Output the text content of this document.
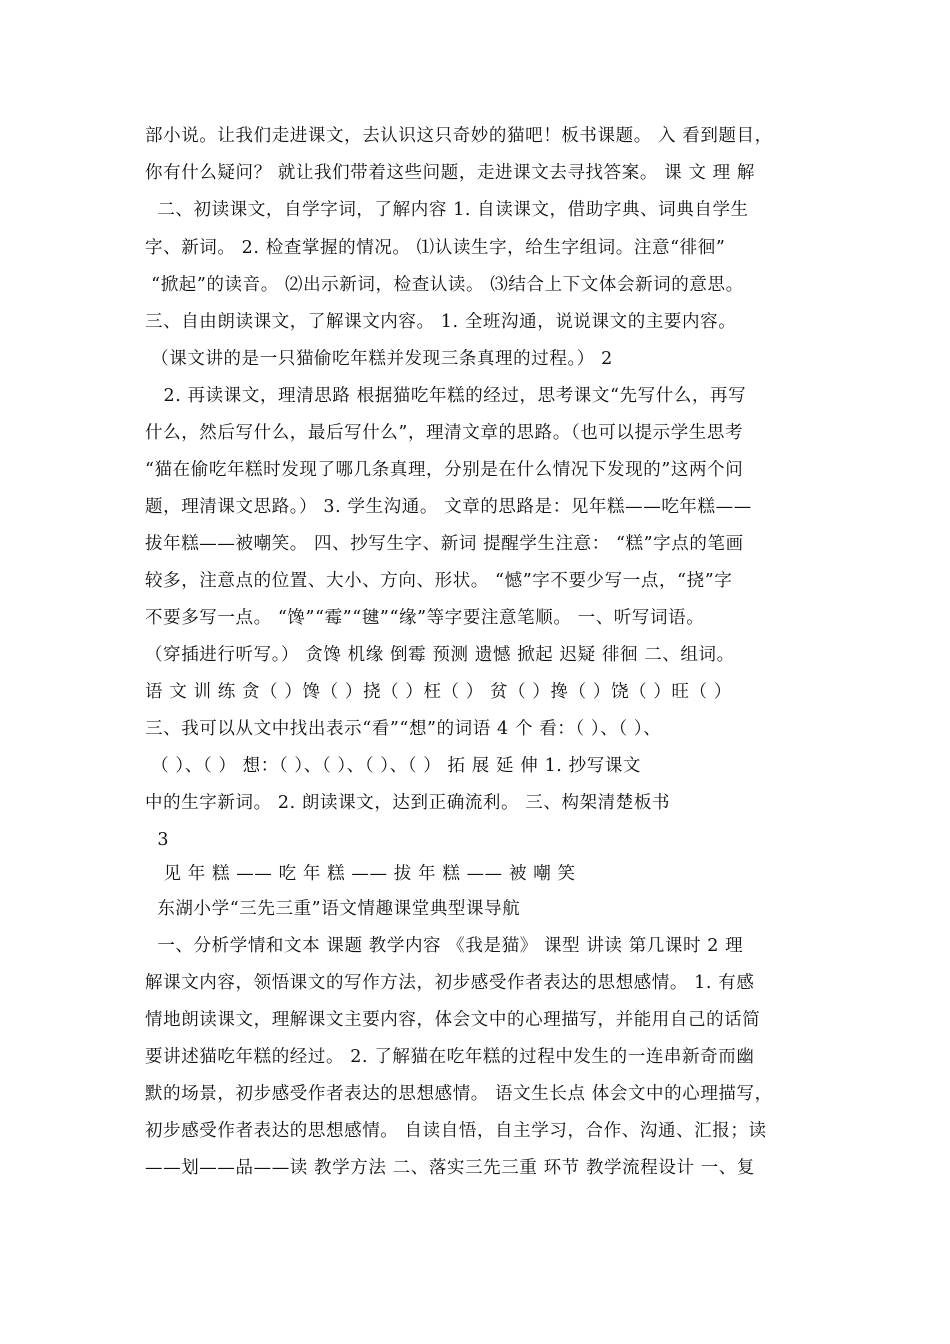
部小说。让我们走进课文，去认识这只奇妙的猫吧！板书课题。 入 看到题目，
你有什么疑问？ 就让我们带着这些问题，走进课文去寻找答案。 课 文 理 解
二、初读课文，自学字词，了解内容 1. 自读课文，借助字典、词典自学生
字、新词。 2. 检查掌握的情况。 ⑴认读生字，给生字组词。注意“徘徊”
“掀起”的读音。 ⑵出示新词，检查认读。 ⑶结合上下文体会新词的意思。
三、自由朗读课文，了解课文内容。 1. 全班沟通，说说课文的主要内容。
（课文讲的是一只猫偷吃年糕并发现三条真理的过程。） 2
2. 再读课文，理清思路 根据猫吃年糕的经过，思考课文“先写什么，再写
什么，然后写什么，最后写什么”，理清文章的思路。（也可以提示学生思考
“猫在偷吃年糕时发现了哪几条真理，分别是在什么情况下发现的”这两个问
题，理清课文思路。） 3. 学生沟通。 文章的思路是：见年糕——吃年糕——
拔年糕——被嘲笑。 四、抄写生字、新词 提醒学生注意： “糕”字点的笔画
较多，注意点的位置、大小、方向、形状。 “憾”字不要少写一点，“挠”字
不要多写一点。 “馋”“霉”“毽”“缘”等字要注意笔顺。 一、听写词语。
（穿插进行听写。） 贪馋 机缘 倒霉 预测 遗憾 掀起 迟疑 徘徊 二、组词。
语 文 训 练 贪（ ）馋（ ）挠（ ）枉（ ） 贫（ ）搀（ ）饶（ ）旺（ ）
三、我可以从文中找出表示“看”“想”的词语 4 个 看：（ ）、（ ）、
（ ）、（ ） 想：（ ）、（ ）、（ ）、（ ） 拓 展 延 伸 1. 抄写课文
中的生字新词。 2. 朗读课文，达到正确流利。 三、构架清楚板书
3
见 年 糕 —— 吃 年 糕 —— 拔 年 糕 —— 被 嘲 笑
东湖小学“三先三重”语文情趣课堂典型课导航
一、分析学情和文本 课题 教学内容 《我是猫》 课型 讲读 第几课时 2 理
解课文内容，领悟课文的写作方法，初步感受作者表达的思想感情。 1. 有感
情地朗读课文，理解课文主要内容，体会文中的心理描写，并能用自己的话简
要讲述猫吃年糕的经过。 2. 了解猫在吃年糕的过程中发生的一连串新奇而幽
默的场景，初步感受作者表达的思想感情。 语文生长点 体会文中的心理描写，
初步感受作者表达的思想感情。 自读自悟，自主学习，合作、沟通、汇报；读
——划——品——读 教学方法 二、落实三先三重 环节 教学流程设计 一、复
